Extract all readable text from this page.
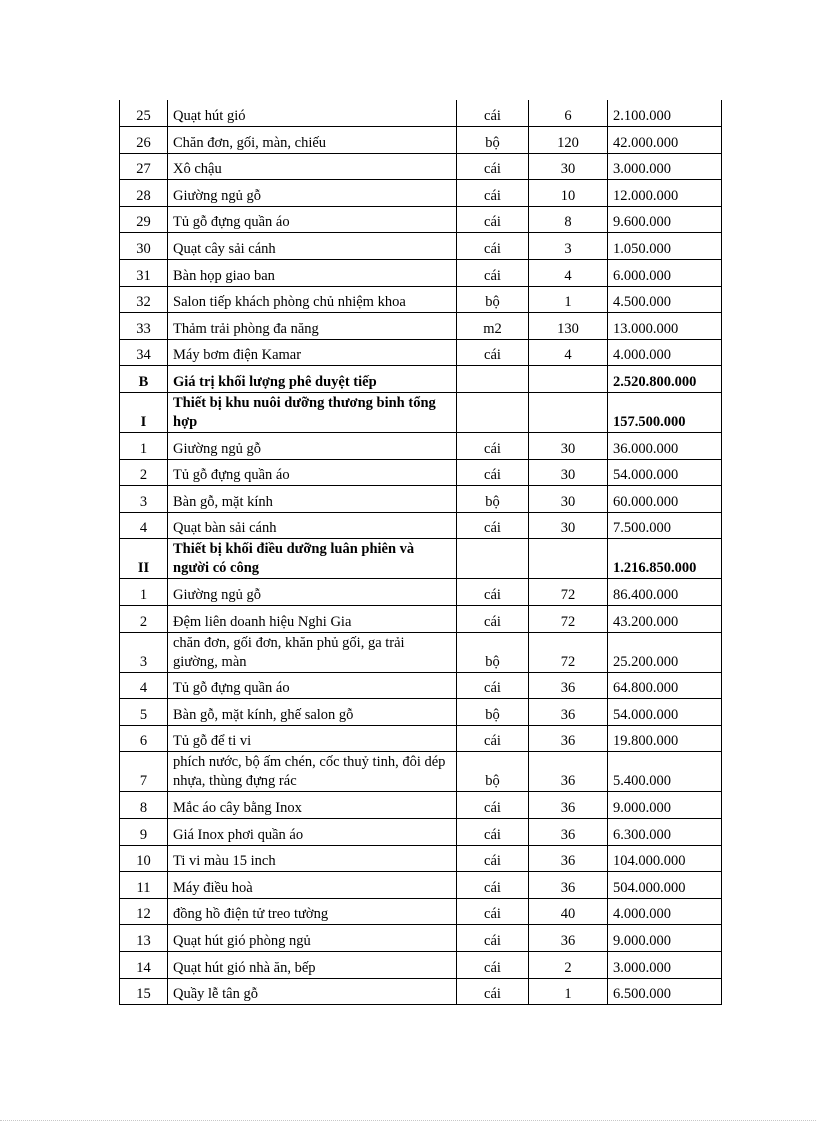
25	Quạt hút gió	cái	6	2.100.000
26	Chăn đơn, gối, màn, chiếu	bộ	120	42.000.000
27	Xô chậu	cái	30	3.000.000
28	Giường ngủ gỗ	cái	10	12.000.000
29	Tủ gỗ đựng quần áo	cái	8	9.600.000
30	Quạt cây sải cánh	cái	3	1.050.000
31	Bàn họp giao ban	cái	4	6.000.000
32	Salon tiếp khách phòng chủ nhiệm khoa	bộ	1	4.500.000
33	Thảm trải phòng đa năng	m2	130	13.000.000
34	Máy bơm điện Kamar	cái	4	4.000.000
B	Giá trị khối lượng phê duyệt tiếp			2.520.800.000
I	Thiết bị khu nuôi dưỡng thương binh tổng hợp			157.500.000
1	Giường ngủ gỗ	cái	30	36.000.000
2	Tủ gỗ đựng quần áo	cái	30	54.000.000
3	Bàn gỗ, mặt kính	bộ	30	60.000.000
4	Quạt bàn sải cánh	cái	30	7.500.000
II	Thiết bị khối điều dưỡng luân phiên và người có công			1.216.850.000
1	Giường ngủ gỗ	cái	72	86.400.000
2	Đệm liên doanh hiệu Nghi Gia	cái	72	43.200.000
3	chăn đơn, gối đơn, khăn phủ gối, ga trải giường, màn	bộ	72	25.200.000
4	Tủ gỗ đựng quần áo	cái	36	64.800.000
5	Bàn gỗ, mặt kính, ghế salon gỗ	bộ	36	54.000.000
6	Tủ gỗ để ti vi	cái	36	19.800.000
7	phích nước, bộ ấm chén, cốc thuỷ tinh, đôi dép nhựa, thùng đựng rác	bộ	36	5.400.000
8	Mắc áo cây bằng Inox	cái	36	9.000.000
9	Giá Inox phơi quần áo	cái	36	6.300.000
10	Ti vi màu 15 inch	cái	36	104.000.000
11	Máy điều hoà	cái	36	504.000.000
12	đồng hồ điện tử treo tường	cái	40	4.000.000
13	Quạt hút gió phòng ngủ	cái	36	9.000.000
14	Quạt hút gió nhà ăn, bếp	cái	2	3.000.000
15	Quầy lễ tân gỗ	cái	1	6.500.000
